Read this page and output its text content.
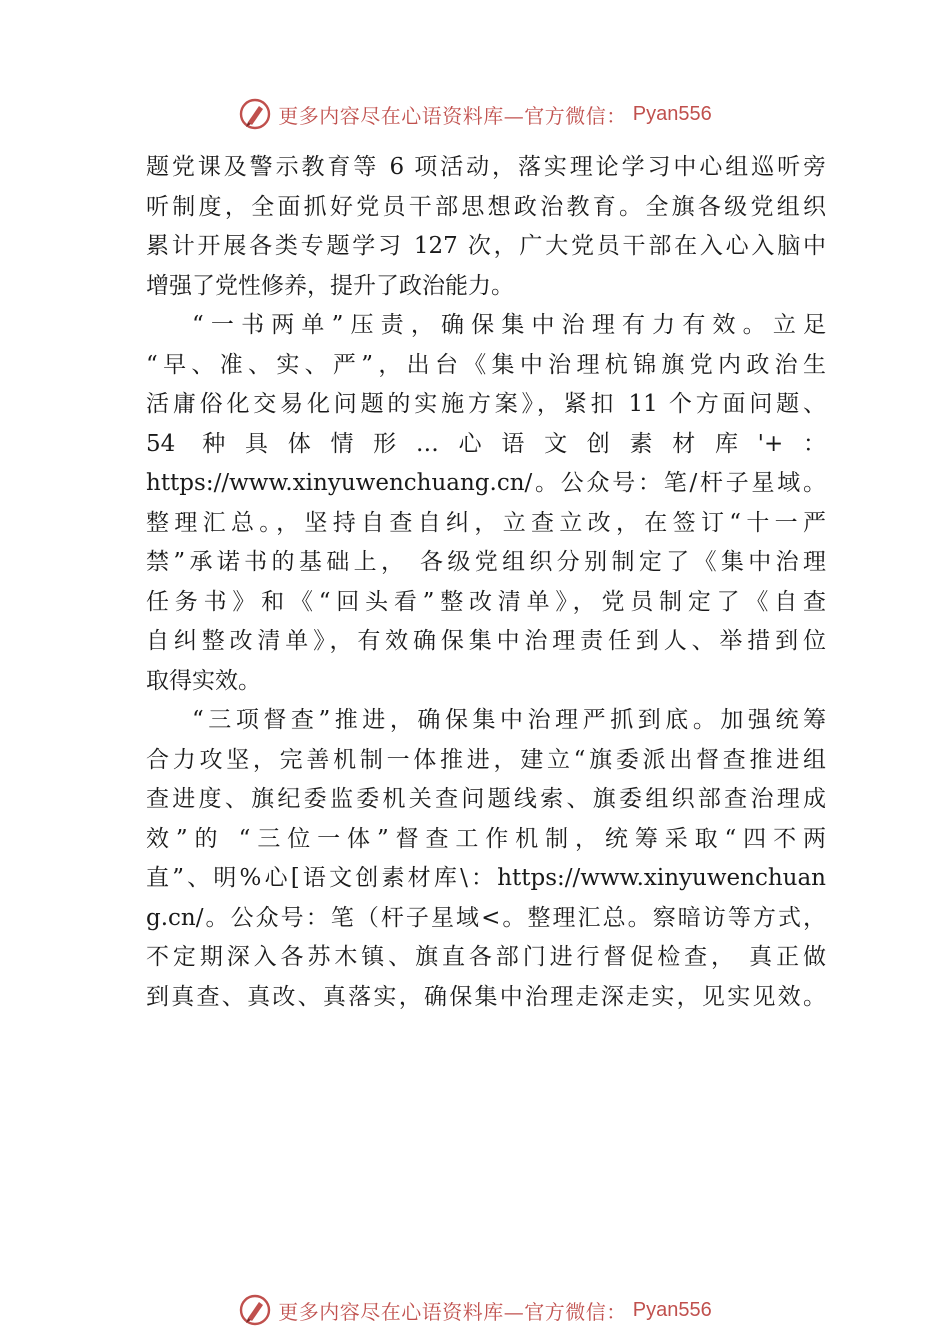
更多内容尽在心语资料库—官方微信： Pyan556
题党课及警示教育等 6 项活动，落实理论学习中心组巡听旁
听制度，全面抓好党员干部思想政治教育。全旗各级党组织
累计开展各类专题学习 127 次，广大党员干部在入心入脑中
增强了党性修养，提升了政治能力。
“一书两单”压责，确保集中治理有力有效。立足
“早、准、实、严”，出台《集中治理杭锦旗党内政治生
活庸俗化交易化问题的实施方案》，紧扣 11 个方面问题、
54 种具体情形…心语文创素材库'+：
https://www.xinyuwenchuang.cn/。公众号：笔/杆子星域。
整理汇总。，坚持自查自纠，立查立改，在签订“十一严
禁”承诺书的基础上， 各级党组织分别制定了《集中治理
任务书》和《“回头看”整改清单》，党员制定了《自查
自纠整改清单》，有效确保集中治理责任到人、举措到位
取得实效。
“三项督查”推进，确保集中治理严抓到底。加强统筹
合力攻坚，完善机制一体推进，建立“旗委派出督查推进组
查进度、旗纪委监委机关查问题线索、旗委组织部查治理成
效”的 “三位一体”督查工作机制，统筹采取“四不两
直”、明%心[语文创素材库\：https://www.xinyuwenchuan
g.cn/。公众号：笔（杆子星域<。整理汇总。察暗访等方式，
不定期深入各苏木镇、旗直各部门进行督促检查， 真正做
到真查、真改、真落实，确保集中治理走深走实，见实见效。
更多内容尽在心语资料库—官方微信： Pyan556
